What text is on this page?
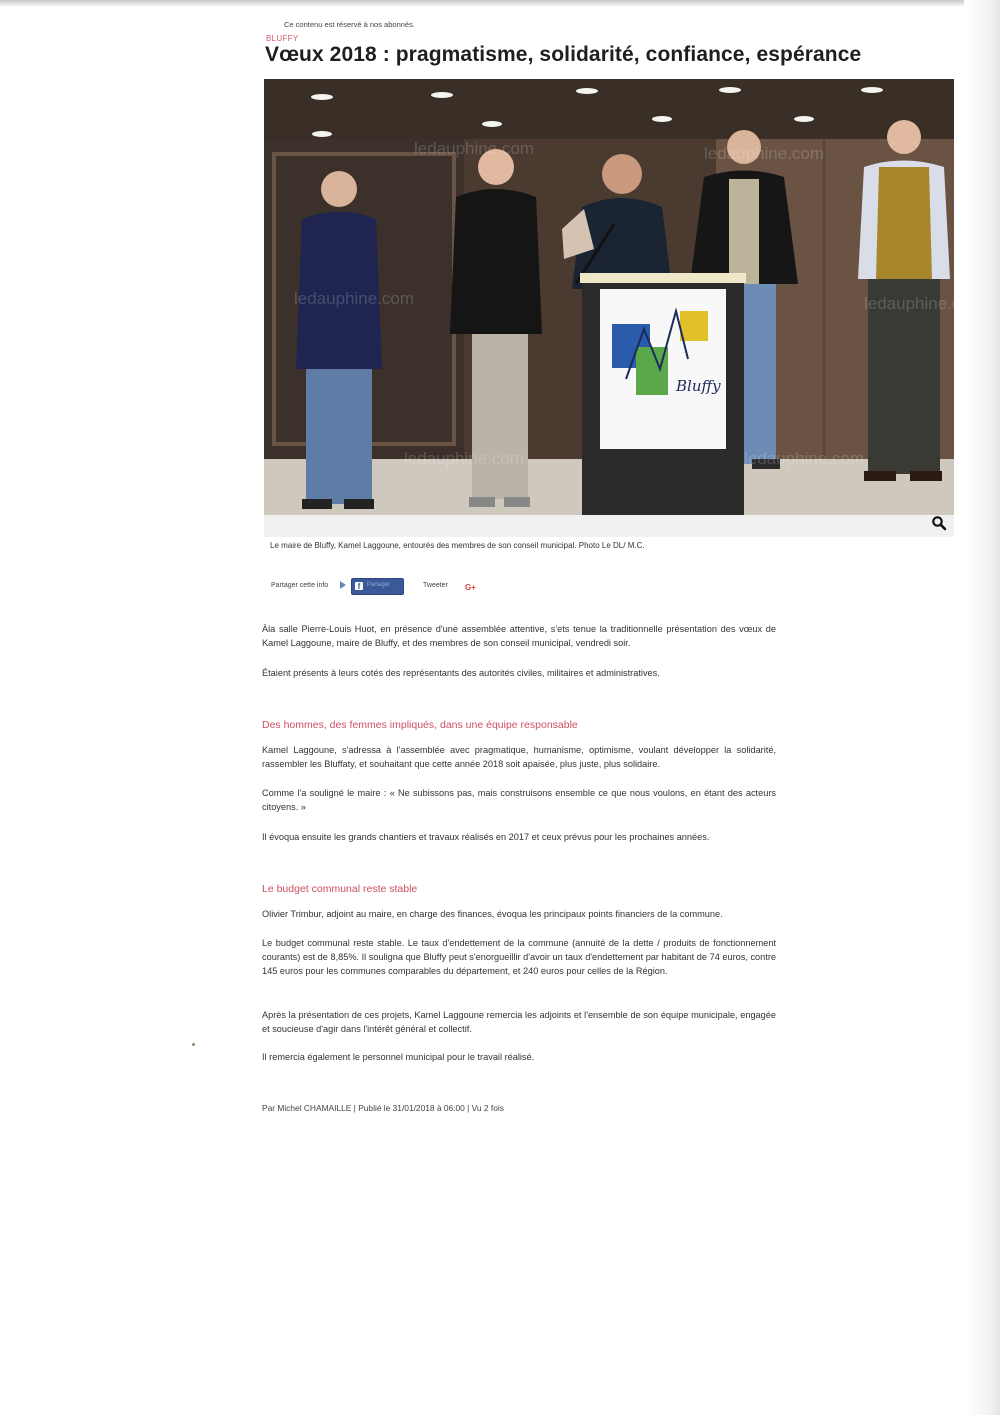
Ce contenu est réservé à nos abonnés.
BLUFFY
Vœux 2018 : pragmatisme, solidarité, confiance, espérance
Bluffy
ledauphine.com
ledauphine.com
ledauphine.com
ledauphine.com
ledauphine.com	ledauphine.com
Le maire de Bluffy, Kamel Laggoune, entourés des membres de son conseil municipal. Photo Le DL/ M.C.
Partager cette info	f	Partager	Tweeter G+

Àla salle Pierre-Louis Huot, en présence d'une assemblée attentive, s'ets tenue la traditionnelle présentation des vœux de Kamel Laggoune, maire de Bluffy, et des membres de son conseil municipal, vendredi soir.

Étaient présents à leurs cotés des représentants des autorités civiles, militaires et administratives.

Des hommes, des femmes impliqués, dans une équipe responsable

Kamel Laggoune, s'adressa à l'assemblée avec pragmatique, humanisme, optimisme, voulant développer la solidarité, rassembler les Bluffaty, et souhaitant que cette année 2018 soit apaisée, plus juste, plus solidaire.

Comme l'a souligné le maire : « Ne subissons pas, mais construisons ensemble ce que nous voulons, en étant des acteurs citoyens. »

Il évoqua ensuite les grands chantiers et travaux réalisés en 2017 et ceux prévus pour les prochaines années.

Le budget communal reste stable

Olivier Trimbur, adjoint au maire, en charge des finances, évoqua les principaux points financiers de la commune.

Le budget communal reste stable. Le taux d'endettement de la commune (annuité de la dette / produits de fonctionnement courants) est de 8,85%. Il souligna que Bluffy peut s'enorgueillir d'avoir un taux d'endettement par habitant de 74 euros, contre 145 euros pour les communes comparables du département, et 240 euros pour celles de la Région.

Après la présentation de ces projets, Kamel Laggoune remercia les adjoints et l'ensemble de son équipe municipale, engagée et soucieuse d'agir dans l'intérêt général et collectif.

Il remercia également le personnel municipal pour le travail réalisé.

Par Michel CHAMAILLE | Publié le 31/01/2018 à 06:00 | Vu 2 fois
